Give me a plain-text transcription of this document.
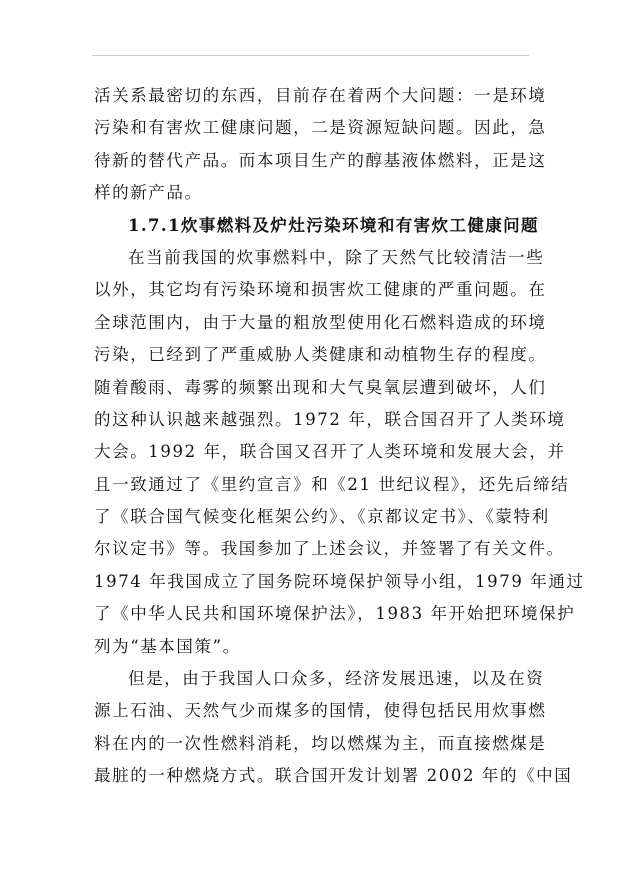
活关系最密切的东西，目前存在着两个大问题：一是环境
污染和有害炊工健康问题，二是资源短缺问题。因此，急
待新的替代产品。而本项目生产的醇基液体燃料，正是这
样的新产品。
1.7.1炊事燃料及炉灶污染环境和有害炊工健康问题
在当前我国的炊事燃料中，除了天然气比较清洁一些
以外，其它均有污染环境和损害炊工健康的严重问题。在
全球范围内，由于大量的粗放型使用化石燃料造成的环境
污染，已经到了严重威胁人类健康和动植物生存的程度。
随着酸雨、毒雾的频繁出现和大气臭氧层遭到破坏，人们
的这种认识越来越强烈。1972 年，联合国召开了人类环境
大会。1992 年，联合国又召开了人类环境和发展大会，并
且一致通过了《里约宣言》和《21 世纪议程》，还先后缔结
了《联合国气候变化框架公约》、《京都议定书》、《蒙特利
尔议定书》等。我国参加了上述会议，并签署了有关文件。
1974 年我国成立了国务院环境保护领导小组，1979 年通过
了《中华人民共和国环境保护法》，1983 年开始把环境保护
列为“基本国策”。
但是，由于我国人口众多，经济发展迅速，以及在资
源上石油、天然气少而煤多的国情，使得包括民用炊事燃
料在内的一次性燃料消耗，均以燃煤为主，而直接燃煤是
最脏的一种燃烧方式。联合国开发计划署 2002 年的《中国
